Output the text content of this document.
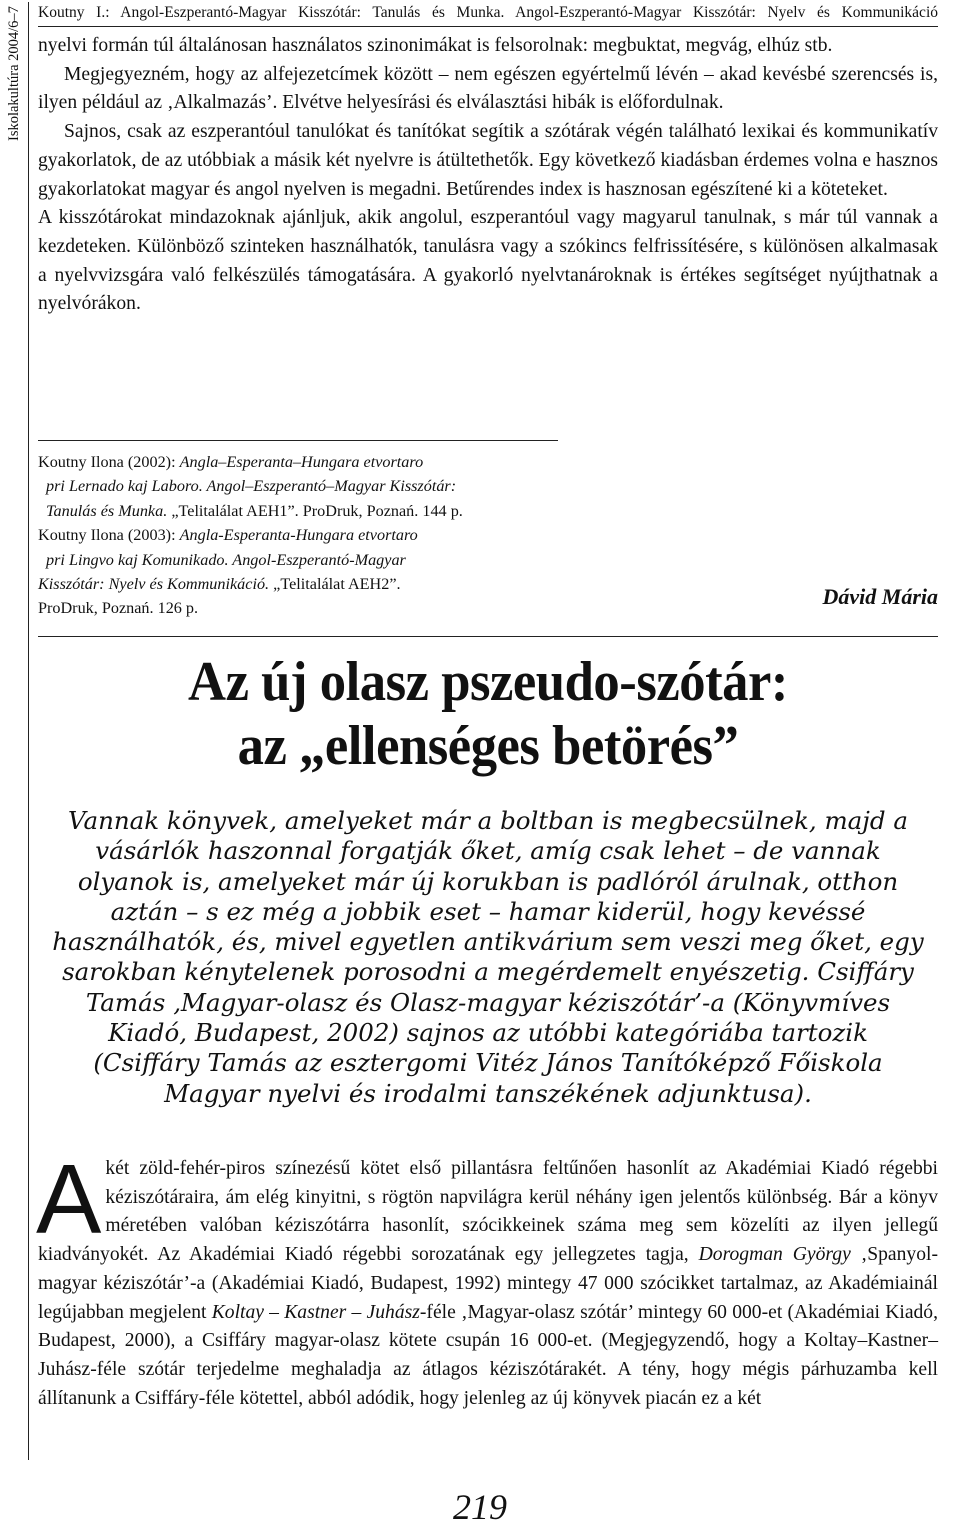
Koutny I.: Angol-Eszperantó-Magyar Kisszótár: Tanulás és Munka. Angol-Eszperantó-Magyar Kisszótár: Nyelv és Kommunikáció
Iskolakultúra 2004/6–7 nyelvi formán túl általánosan használatos szinonimákat is felsorolnak: megbuktat, megvág, elhúz stb.

Megjegyezném, hogy az alfejezetcímek között – nem egészen egyértelmű lévén – akad kevésbé szerencsés is, ilyen például az ‚Alkalmazás’. Elvétve helyesírási és elválasztási hibák is előfordulnak.

Sajnos, csak az eszperantóul tanulókat és tanítókat segítik a szótárak végén található lexikai és kommunikatív gyakorlatok, de az utóbbiak a másik két nyelvre is átültethetők. Egy következő kiadásban érdemes volna e hasznos gyakorlatokat magyar és angol nyelven is megadni. Betűrendes index is hasznosan egészítené ki a köteteket.

A kisszótárokat mindazoknak ajánljuk, akik angolul, eszperantóul vagy magyarul tanulnak, s már túl vannak a kezdeteken. Különböző szinteken használhatók, tanulásra vagy a szókincs felfrissítésére, s különösen alkalmasak a nyelvvizsgára való felkészülés támogatására. A gyakorló nyelvtanároknak is értékes segítséget nyújthatnak a nyelvórákon.

Koutny Ilona (2002): Angla–Esperanta–Hungara etvortaro
pri Lernado kaj Laboro. Angol–Eszperantó–Magyar Kisszótár:
Tanulás és Munka. „Telitalálat AEH1”. ProDruk, Poznań. 144 p.
Koutny Ilona (2003): Angla-Esperanta-Hungara etvortaro
pri Lingvo kaj Komunikado. Angol-Eszperantó-Magyar
Kisszótár: Nyelv és Kommunikáció. „Telitalálat AEH2”.
ProDruk, Poznań. 126 p.	Dávid Mária
Az új olasz pszeudo-szótár:
az „ellenséges betörés”
Vannak könyvek, amelyeket már a boltban is megbecsülnek, majd a
vásárlók haszonnal forgatják őket, amíg csak lehet – de vannak
olyanok is, amelyeket már új korukban is padlóról árulnak, otthon
aztán – s ez még a jobbik eset – hamar kiderül, hogy kevéssé
használhatók, és, mivel egyetlen antikvárium sem veszi meg őket, egy
sarokban kénytelenek porosodni a megérdemelt enyészetig. Csiffáry
Tamás ‚Magyar-olasz és Olasz-magyar kéziszótár’-a (Könyvmíves
Kiadó, Budapest, 2002) sajnos az utóbbi kategóriába tartozik
(Csiffáry Tamás az esztergomi Vitéz János Tanítóképző Főiskola
Magyar nyelvi és irodalmi tanszékének adjunktusa).

A két zöld-fehér-piros színezésű kötet első pillantásra feltűnően hasonlít az Akadémiai Kiadó régebbi kéziszótáraira, ám elég kinyitni, s rögtön napvilágra kerül néhány igen jelentős különbség. Bár a könyv méretében valóban kéziszótárra hasonlít, szócikkeinek száma meg sem közelíti az ilyen jellegű kiadványokét. Az Akadémiai Kiadó régebbi sorozatának egy jellegzetes tagja, Dorogman György ‚Spanyol-magyar kéziszótár’-a (Akadémiai Kiadó, Budapest, 1992) mintegy 47 000 szócikket tartalmaz, az Akadémiainál legújabban megjelent Koltay – Kastner – Juhász-féle ‚Magyar-olasz szótár’ mintegy 60 000-et (Akadémiai Kiadó, Budapest, 2000), a Csiffáry magyar-olasz kötete csupán 16 000-et. (Megjegyzendő, hogy a Koltay–Kastner–Juhász-féle szótár terjedelme meghaladja az átlagos kéziszótárakét. A tény, hogy mégis párhuzamba kell állítanunk a Csiffáry-féle kötettel, abból adódik, hogy jelenleg az új könyvek piacán ez a két

219
